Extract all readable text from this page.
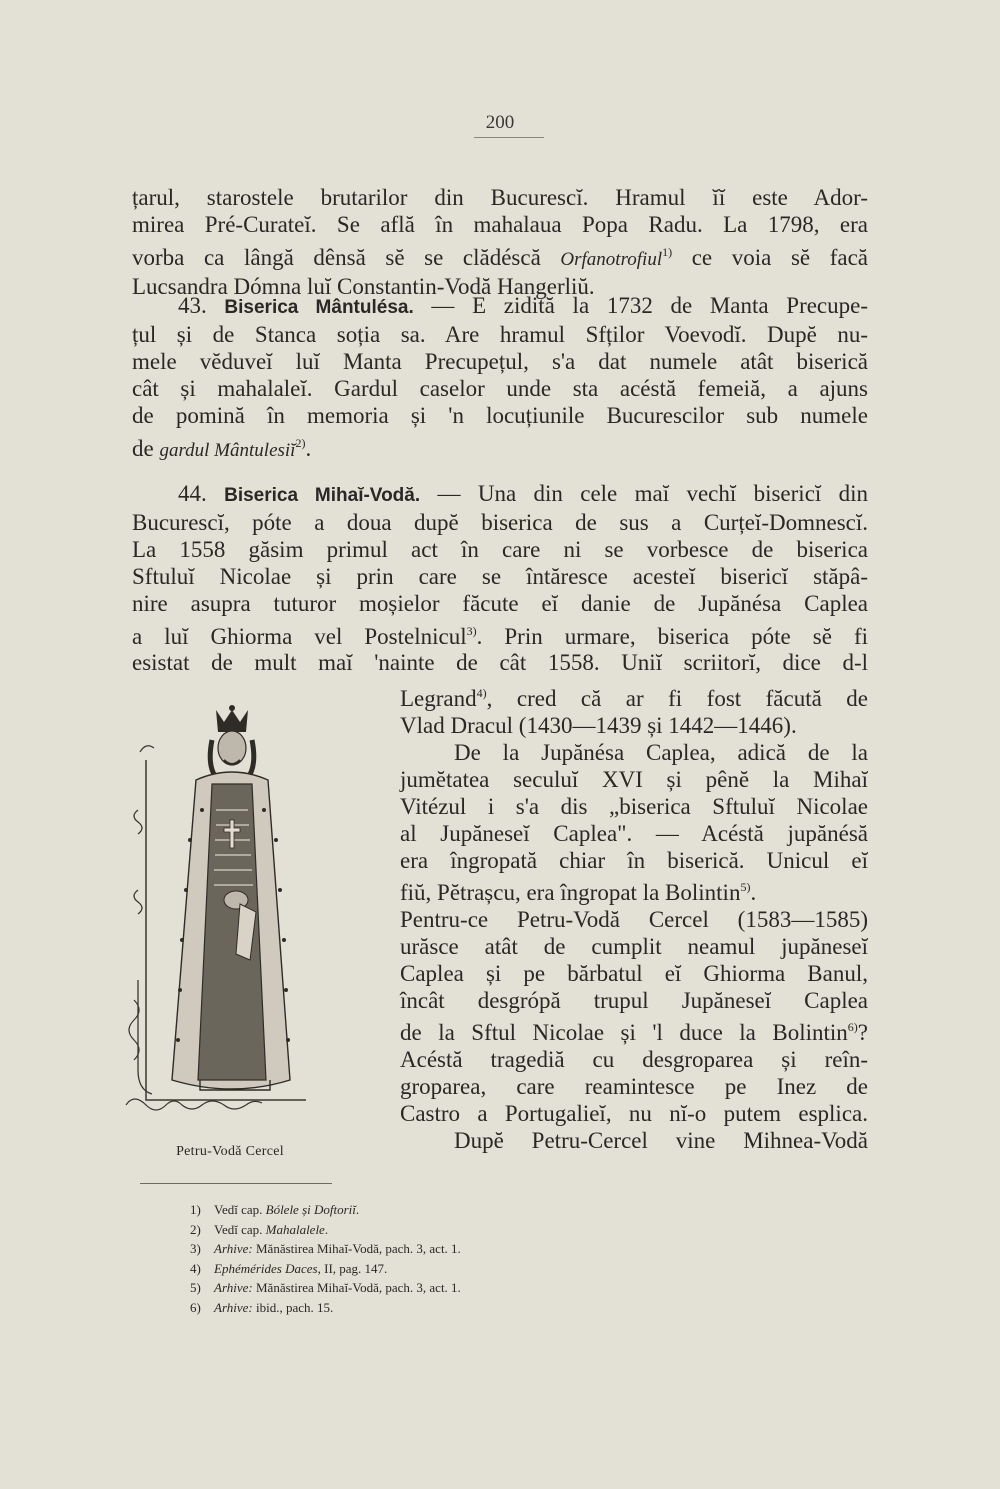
200
țarul, starostele brutarilor din Bucurescĭ. Hramul ĭĭ este Ador-
mirea Pré-Curateĭ. Se află în mahalaua Popa Radu. La 1798, era
vorba ca lângă dênsă sĕ se clădéscă Orfanotrofiul$^{1)}$ ce voia sĕ facă
Lucsandra Dómna luĭ Constantin-Vodă Hangerliŭ.
43. Biserica Mântulésa. — E zidită la 1732 de Manta Precupe-
țul și de Stanca soția sa. Are hramul Sfților Voevodĭ. Dupĕ nu-
mele vĕduveĭ luĭ Manta Precupețul, s'a dat numele atât biserică
cât și mahalaleĭ. Gardul caselor unde sta acéstă femeiă, a ajuns
de pomină în memoria și 'n locuțiunile Bucurescilor sub numele
de gardul Mântulesiĭ$^{2)}$.
44. Biserica Mihaĭ-Vodă. — Una din cele maĭ vechĭ bisericĭ din
Bucurescĭ, póte a doua dupĕ biserica de sus a Curțeĭ-Domnescĭ.
La 1558 găsim primul act în care ni se vorbesce de biserica
Sftuluĭ Nicolae și prin care se întăresce acesteĭ bisericĭ stăpâ-
nire asupra tuturor moșielor făcute eĭ danie de Jupănésa Caplea
a luĭ Ghiorma vel Postelnicul$^{3)}$. Prin urmare, biserica póte sĕ fi
esistat de mult maĭ 'nainte de cât 1558. Uniĭ scriitorĭ, dice d-l
Legrand$^{4)}$, cred că ar fi fost făcută de
Vlad Dracul (1430—1439 și 1442—1446).
De la Jupănésa Caplea, adică de la
jumĕtatea seculuĭ XVI și pênĕ la Mihaĭ
Vitézul i s'a dis „biserica Sftuluĭ Nicolae
al Jupăneseĭ Caplea". — Acéstă jupănésă
era îngropată chiar în biserică. Unicul eĭ
fiŭ, Pĕtrașcu, era îngropat la Bolintin$^{5)}$.
Pentru-ce Petru-Vodă Cercel (1583—1585)
urăsce atât de cumplit neamul jupăneseĭ
Caplea și pe bărbatul eĭ Ghiorma Banul,
încât desgrópă trupul Jupăneseĭ Caplea
de la Sftul Nicolae și 'l duce la Bolintin$^{6)}$?
Acéstă tragediă cu desgroparea și reîn-
groparea, care reamintesce pe Inez de
Castro a Portugalieĭ, nu nĭ-o putem esplica.
Dupĕ Petru-Cercel vine Mihnea-Vodă
Petru-Vodă Cercel
1) Vedĭ cap. Bólele și Doftoriĭ.
2) Vedĭ cap. Mahalalele.
3) Arhive: Mănăstirea Mihaĭ-Vodă, pach. 3, act. 1.
4) Ephémérides Daces, II, pag. 147.
5) Arhive: Mănăstirea Mihaĭ-Vodă, pach. 3, act. 1.
6) Arhive: ibid., pach. 15.
